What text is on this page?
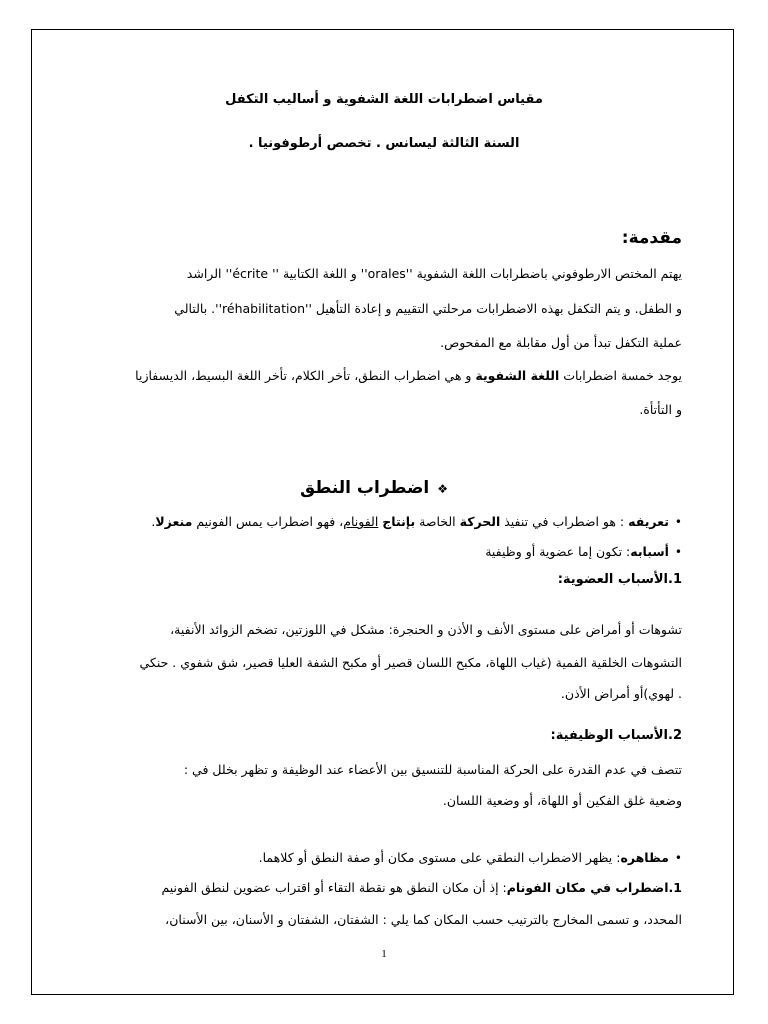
مقياس اضطرابات اللغة الشفوية و أساليب التكفل
السنة الثالثة ليسانس . تخصص أرطوفونيا .
مقدمة:
يهتم المختص الارطوفوني باضطرابات اللغة الشفوية ''orales'' و اللغة الكتابية '' écrite'' الراشد
و الطفل. و يتم التكفل بهذه الاضطرابات مرحلتي التقييم و إعادة التأهيل ''réhabilitation''. بالتالي
عملية التكفل تبدأ من أول مقابلة مع المفحوص.
يوجد خمسة اضطرابات اللغة الشفوية و هي اضطراب النطق، تأخر الكلام، تأخر اللغة البسيط، الديسفازيا
و التأتأة.
❖اضطراب النطق
•تعريفه : هو اضطراب في تنفيذ الحركة الخاصة بإنتاج الفونام، فهو اضطراب يمس الفونيم منعزلا.
•أسبابه: تكون إما عضوية أو وظيفية
1.الأسباب العضوية:
تشوهات أو أمراض على مستوى الأنف و الأذن و الحنجرة: مشكل في اللوزتين، تضخم الزوائد الأنفية،
التشوهات الخلقية الفمية (غياب اللهاة، مكبح اللسان قصير أو مكبح الشفة العليا قصير، شق شفوي . حنكي
. لهوي)أو أمراض الأذن.
2.الأسباب الوظيفية:
تتصف في عدم القدرة على الحركة المناسبة للتنسيق بين الأعضاء عند الوظيفة و تظهر بخلل في :
وضعية غلق الفكين أو اللهاة، أو وضعية اللسان.
•مظاهره: يظهر الاضطراب النطقي على مستوى مكان أو صفة النطق أو كلاهما.
1.اضطراب في مكان الفونام: إذ أن مكان النطق هو نقطة التقاء أو اقتراب عضوين لنطق الفونيم
المحدد، و تسمى المخارج بالترتيب حسب المكان كما يلي : الشفتان، الشفتان و الأسنان، بين الأسنان،
1
